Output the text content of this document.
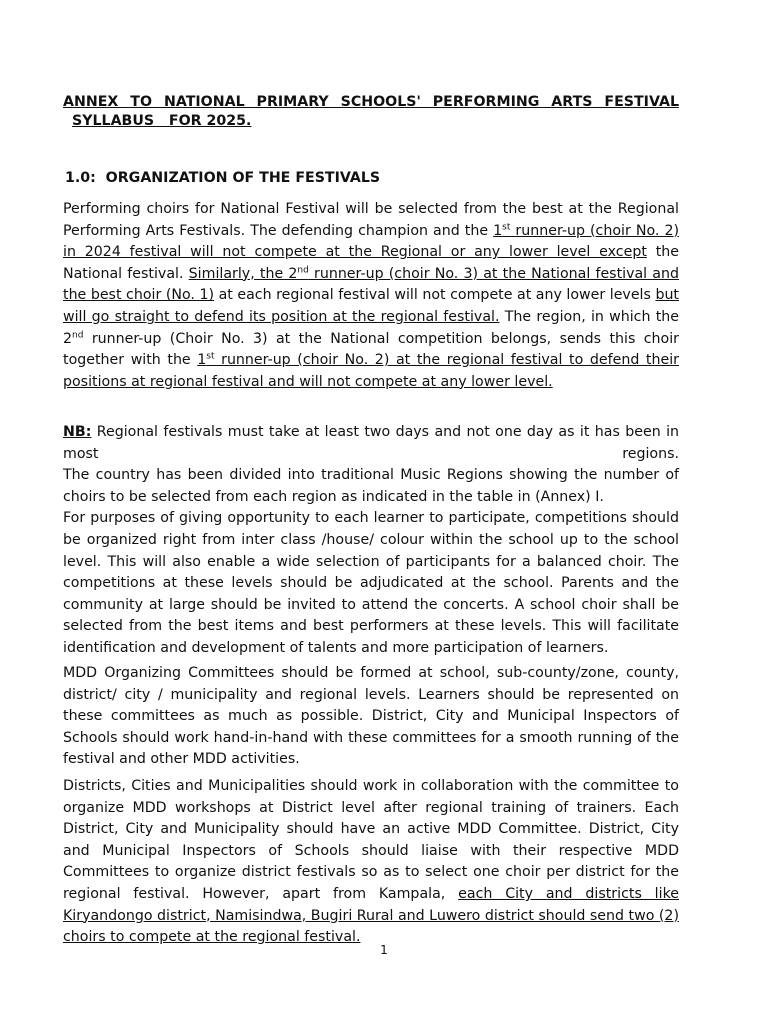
ANNEX TO NATIONAL PRIMARY SCHOOLS' PERFORMING ARTS FESTIVAL
SYLLABUS   FOR 2025.
1.0:  ORGANIZATION OF THE FESTIVALS
Performing choirs for National Festival will be selected from the best at the Regional Performing Arts Festivals. The defending champion and the 1st runner-up (choir No. 2) in 2024 festival will not compete at the Regional or any lower level except the National festival. Similarly, the 2nd runner-up (choir No. 3) at the National festival and the best choir (No. 1) at each regional festival will not compete at any lower levels but will go straight to defend its position at the regional festival. The region, in which the 2nd runner-up (Choir No. 3) at the National competition belongs, sends this choir together with the 1st runner-up (choir No. 2) at the regional festival to defend their positions at regional festival and will not compete at any lower level.
NB: Regional festivals must take at least two days and not one day as it has been in most regions.
The country has been divided into traditional Music Regions showing the number of choirs to be selected from each region as indicated in the table in (Annex) I.
For purposes of giving opportunity to each learner to participate, competitions should be organized right from inter class /house/ colour within the school up to the school level. This will also enable a wide selection of participants for a balanced choir. The competitions at these levels should be adjudicated at the school. Parents and the community at large should be invited to attend the concerts. A school choir shall be selected from the best items and best performers at these levels. This will facilitate identification and development of talents and more participation of learners.
MDD Organizing Committees should be formed at school, sub-county/zone, county, district/ city / municipality and regional levels. Learners should be represented on these committees as much as possible. District, City and Municipal Inspectors of Schools should work hand-in-hand with these committees for a smooth running of the festival and other MDD activities.
Districts, Cities and Municipalities should work in collaboration with the committee to organize MDD workshops at District level after regional training of trainers. Each District, City and Municipality should have an active MDD Committee. District, City and Municipal Inspectors of Schools should liaise with their respective MDD Committees to organize district festivals so as to select one choir per district for the regional festival. However, apart from Kampala, each City and districts like Kiryandongo district, Namisindwa, Bugiri Rural and Luwero district should send two (2) choirs to compete at the regional festival.
1
